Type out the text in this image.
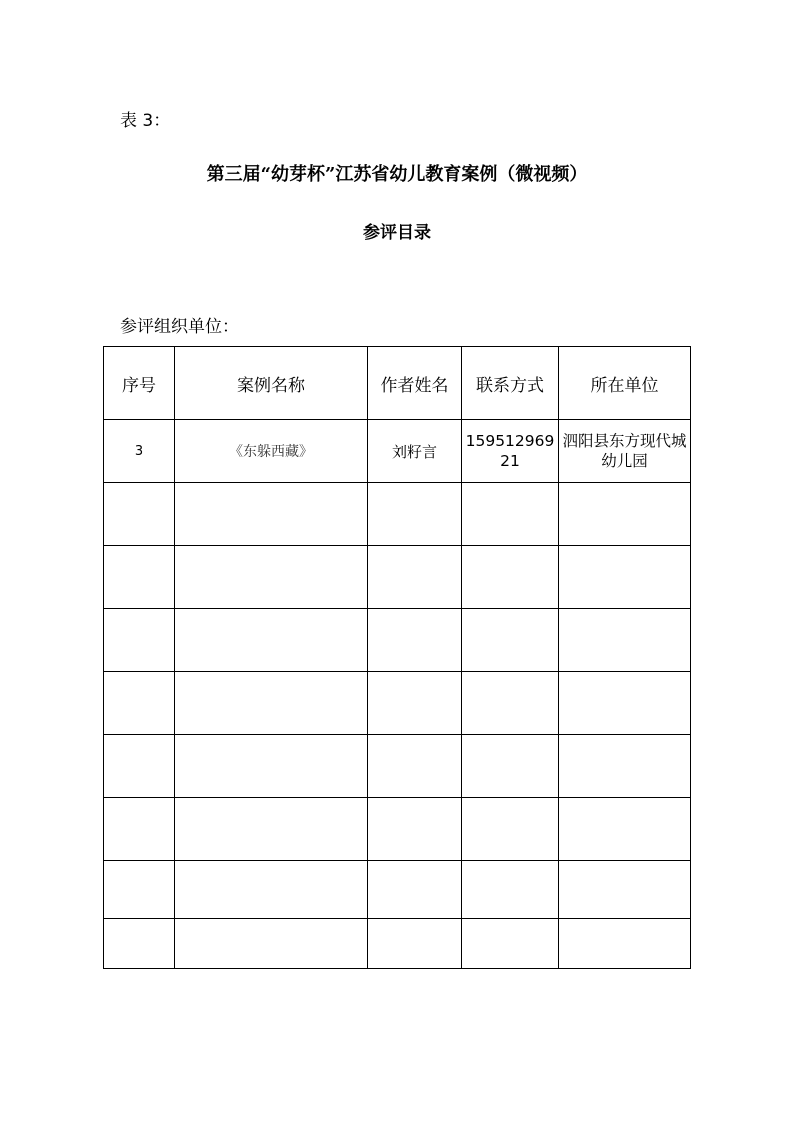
表 3：
第三届“幼芽杯”江苏省幼儿教育案例（微视频）
参评目录
参评组织单位：
序号	案例名称	作者姓名	联系方式	所在单位
3	《东躲西藏》	刘籽言	15951296921	泗阳县东方现代城幼儿园
